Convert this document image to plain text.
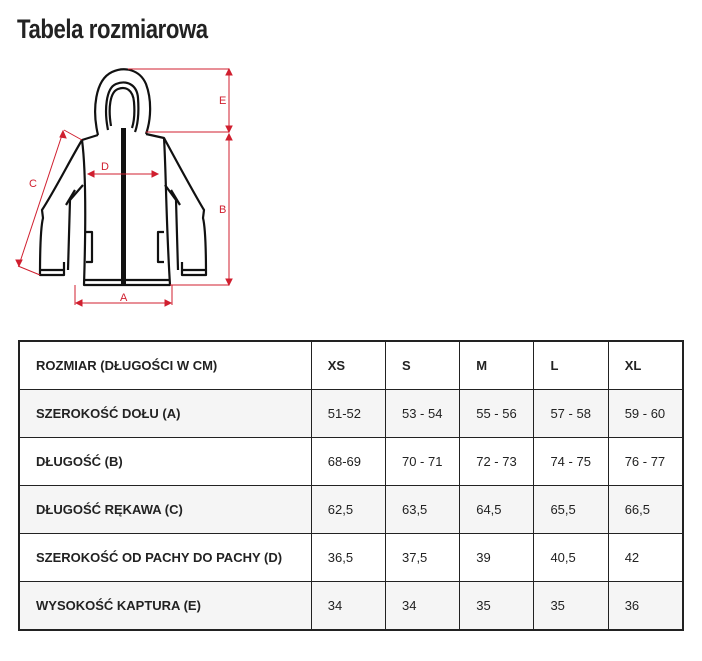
Tabela rozmiarowa
E
B
D
A
C
ROZMIAR (DŁUGOŚCI W CM)	XS	S	M	L	XL
SZEROKOŚĆ DOŁU (A)	51-52	53 - 54	55 - 56	57 - 58	59 - 60
DŁUGOŚĆ (B)	68-69	70 - 71	72 - 73	74 - 75	76 - 77
DŁUGOŚĆ RĘKAWA (C)	62,5	63,5	64,5	65,5	66,5
SZEROKOŚĆ OD PACHY DO PACHY (D)	36,5	37,5	39	40,5	42
WYSOKOŚĆ KAPTURA (E)	34	34	35	35	36
